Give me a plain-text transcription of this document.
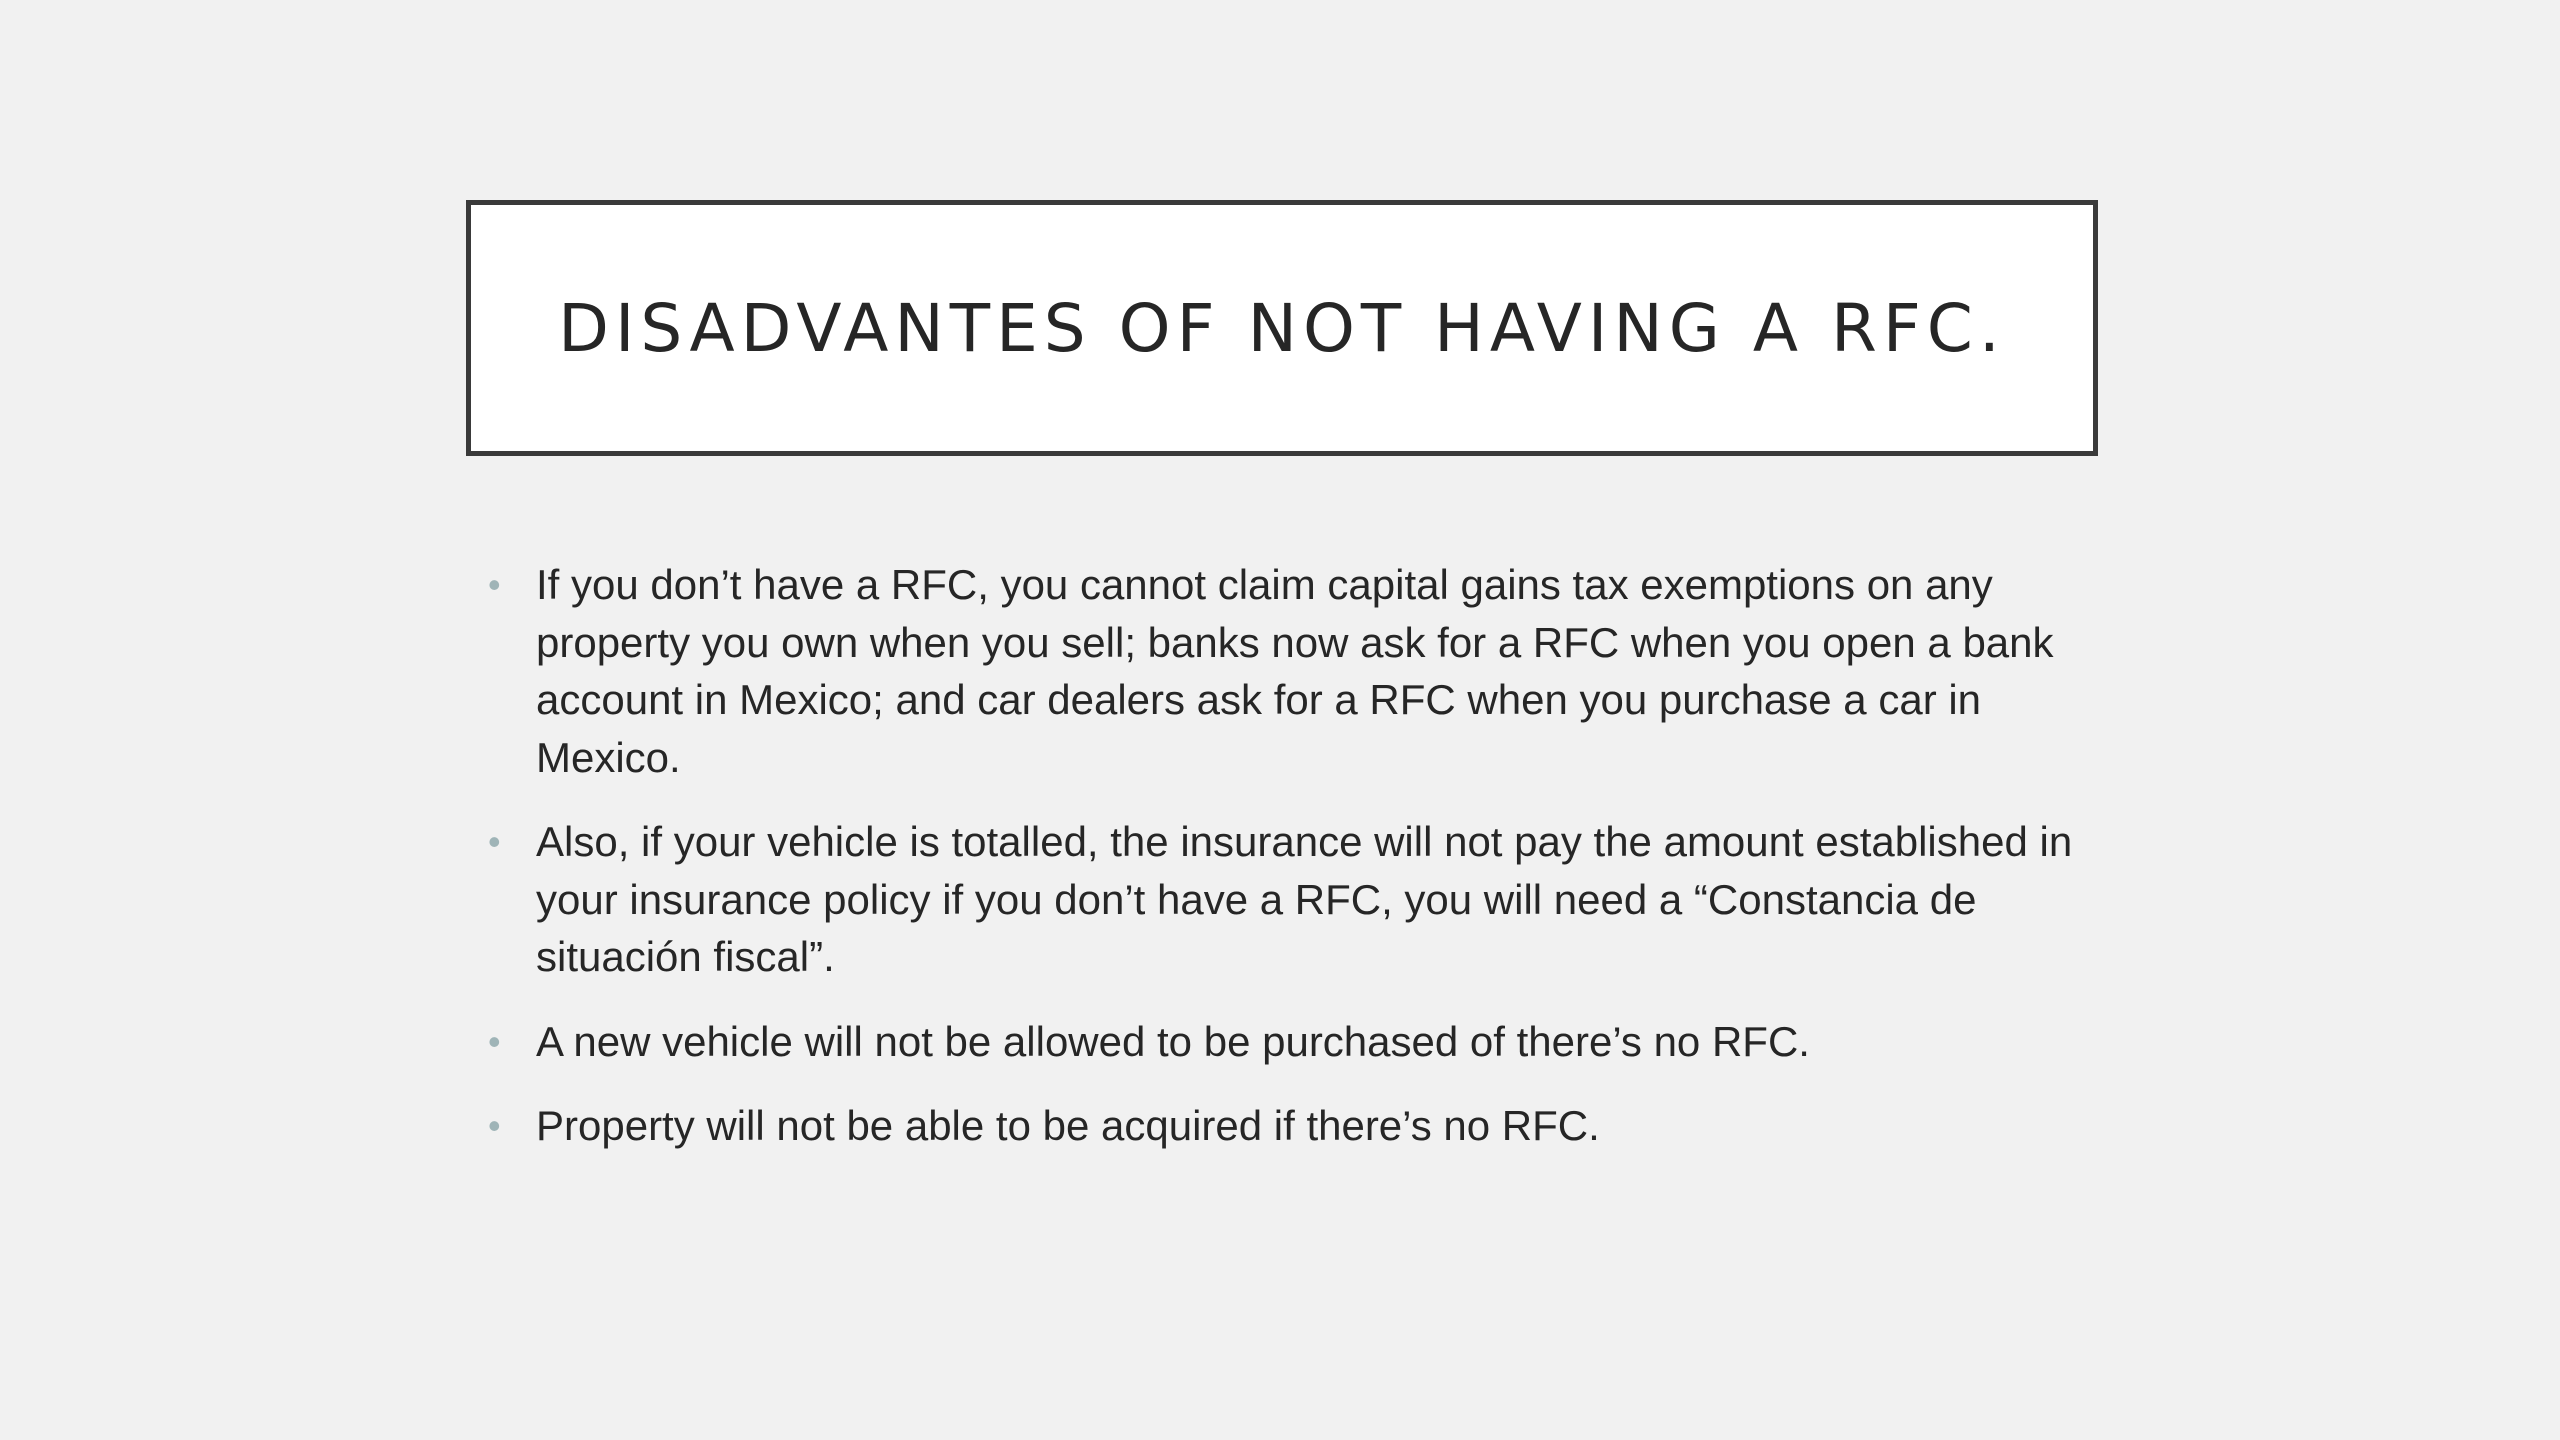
DISADVANTES OF NOT HAVING A RFC.
• If you don’t have a RFC, you cannot claim capital gains tax exemptions on any property you own when you sell; banks now ask for a RFC when you open a bank account in Mexico; and car dealers ask for a RFC when you purchase a car in Mexico.
• Also, if your vehicle is totalled, the insurance will not pay the amount established in your insurance policy if you don’t have a RFC, you will need a “Constancia de situación fiscal”.
• A new vehicle will not be allowed to be purchased of there’s no RFC.
• Property will not be able to be acquired if there’s no RFC.
